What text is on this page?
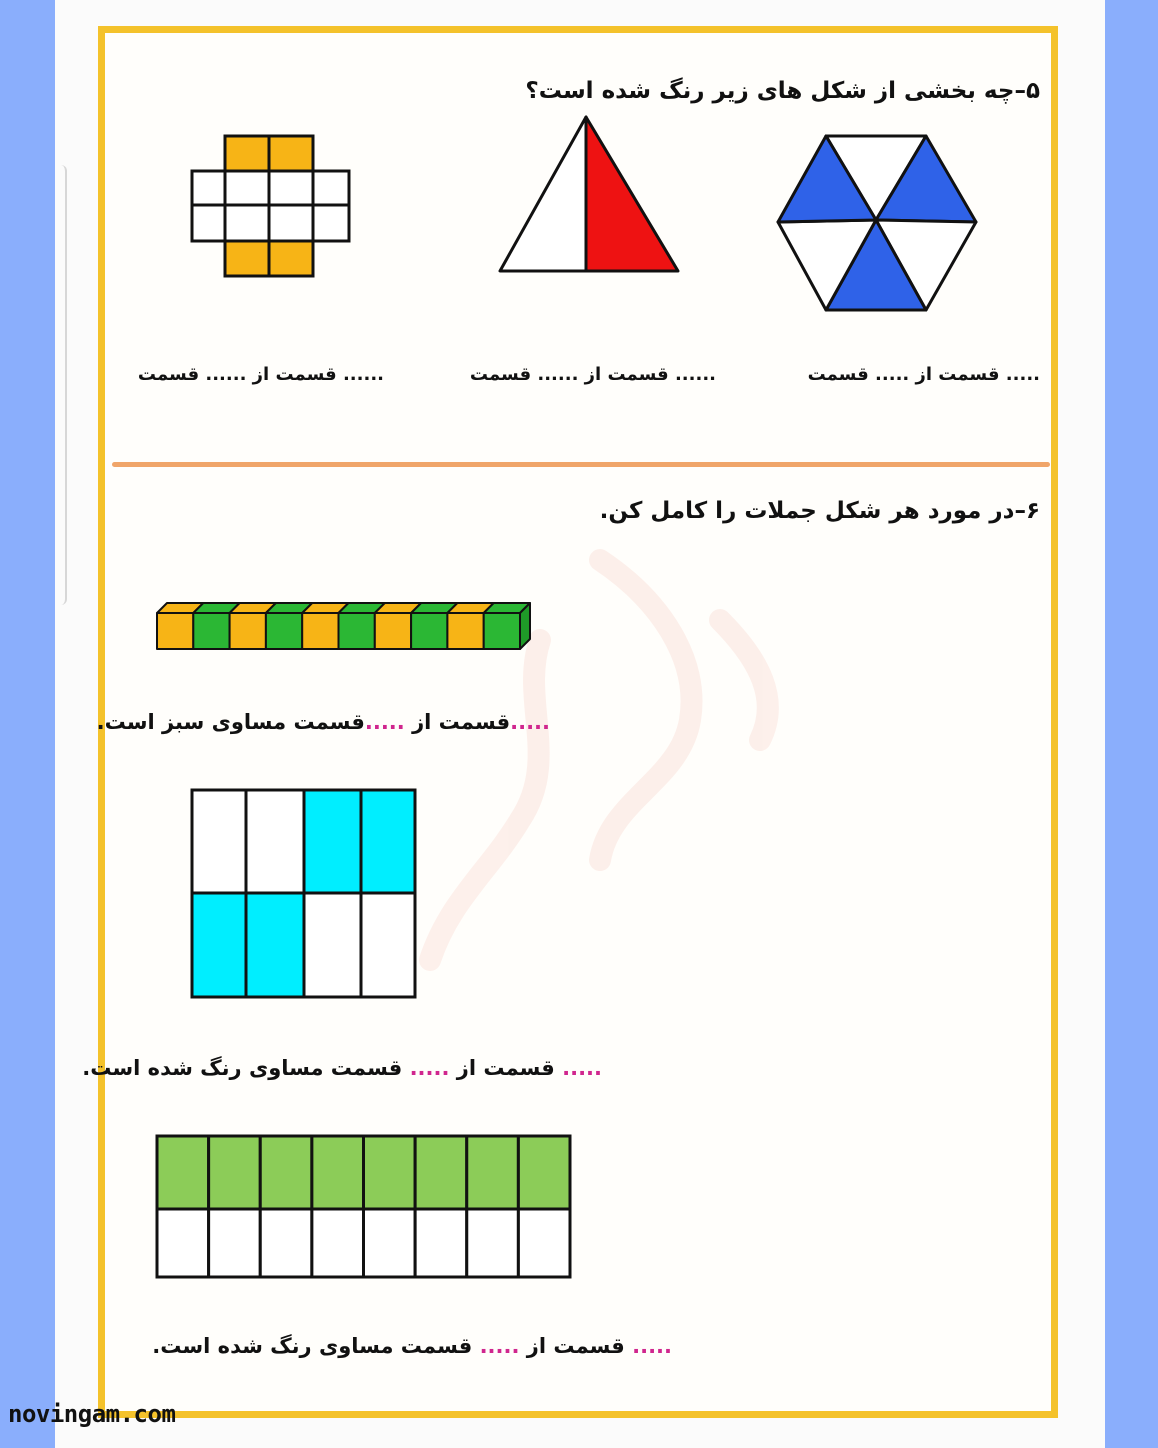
۵–چه بخشی از شکل های زیر رنگ شده است؟
..... قسمت از ..... قسمت
...... قسمت از ...... قسمت
...... قسمت از ...... قسمت
۶–در مورد هر شکل جملات را کامل کن.
.....قسمت از .....قسمت مساوی سبز است.
..... قسمت از ..... قسمت مساوی رنگ شده است.
..... قسمت از ..... قسمت مساوی رنگ شده است.
novingam.com
